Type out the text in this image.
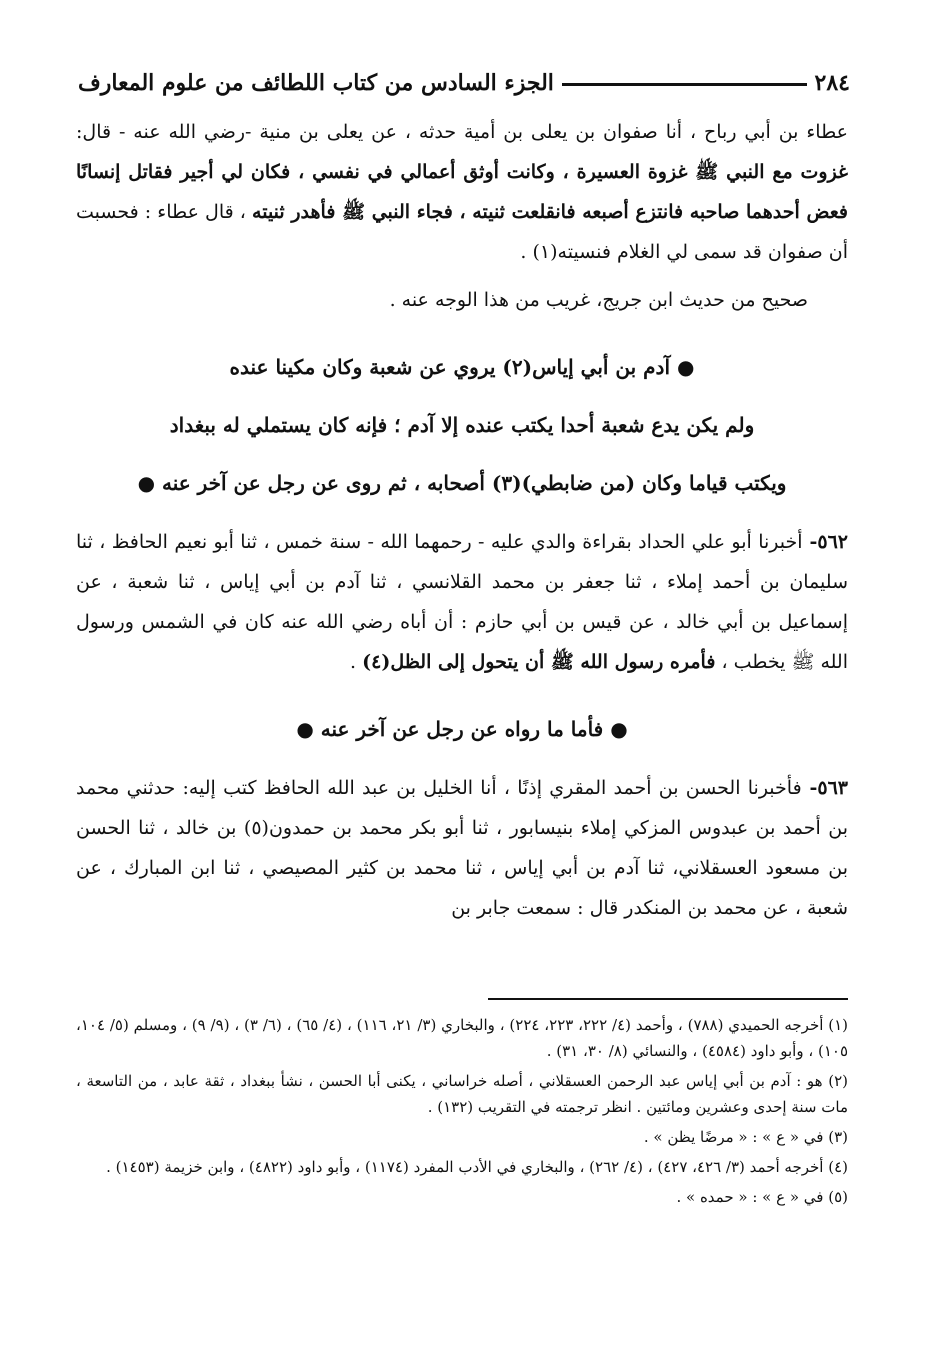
٢٨٤
الجزء السادس من كتاب اللطائف من علوم المعارف

عطاء بن أبي رباح ، أنا صفوان بن يعلى بن أمية حدثه ، عن يعلى بن منية -رضي الله عنه - قال: غزوت مع النبي ﷺ غزوة العسيرة ، وكانت أوثق أعمالي في نفسي ، فكان لي أجير فقاتل إنسانًا فعض أحدهما صاحبه فانتزع أصبعه فانقلعت ثنيته ، فجاء النبي ﷺ فأهدر ثنيته ، قال عطاء : فحسبت أن صفوان قد سمى لي الغلام فنسيته(١) .

صحيح من حديث ابن جريج، غريب من هذا الوجه عنه .

● آدم بن أبي إياس(٢) يروي عن شعبة وكان مكينا عنده

ولم يكن يدع شعبة أحدا يكتب عنده إلا آدم ؛ فإنه كان يستملي له ببغداد

ويكتب قياما وكان (من ضابطي)(٣) أصحابه ، ثم روى عن رجل عن آخر عنه ●

٥٦٢- أخبرنا أبو علي الحداد بقراءة والدي عليه - رحمهما الله - سنة خمس ، ثنا أبو نعيم الحافظ ، ثنا سليمان بن أحمد إملاء ، ثنا جعفر بن محمد القلانسي ، ثنا آدم بن أبي إياس ، ثنا شعبة ، عن إسماعيل بن أبي خالد ، عن قيس بن أبي حازم : أن أباه رضي الله عنه كان في الشمس ورسول الله ﷺ يخطب ، فأمره رسول الله ﷺ أن يتحول إلى الظل(٤) .

● فأما ما رواه عن رجل عن آخر عنه ●

٥٦٣- فأخبرنا الحسن بن أحمد المقري إذنًا ، أنا الخليل بن عبد الله الحافظ كتب إليه: حدثني محمد بن أحمد بن عبدوس المزكي إملاء بنيسابور ، ثنا أبو بكر محمد بن حمدون(٥) بن خالد ، ثنا الحسن بن مسعود العسقلاني، ثنا آدم بن أبي إياس ، ثنا محمد بن كثير المصيصي ، ثنا ابن المبارك ، عن شعبة ، عن محمد بن المنكدر قال : سمعت جابر بن

(١) أخرجه الحميدي (٧٨٨) ، وأحمد (٤/ ٢٢٢، ٢٢٣، ٢٢٤) ، والبخاري (٣/ ٢١، ١١٦) ، (٤/ ٦٥) ، (٦/ ٣) ، (٩/ ٩) ، ومسلم (٥/ ١٠٤، ١٠٥) ، وأبو داود (٤٥٨٤) ، والنسائي (٨/ ٣٠، ٣١) .

(٢) هو : آدم بن أبي إياس عبد الرحمن العسقلاني ، أصله خراساني ، يكنى أبا الحسن ، نشأ ببغداد ، ثقة عابد ، من التاسعة ، مات سنة إحدى وعشرين ومائتين . انظر ترجمته في التقريب (١٣٢) .

(٣) في « ع » : « مرضًا يظن » .

(٤) أخرجه أحمد (٣/ ٤٢٦، ٤٢٧) ، (٤/ ٢٦٢) ، والبخاري في الأدب المفرد (١١٧٤) ، وأبو داود (٤٨٢٢) ، وابن خزيمة (١٤٥٣) .

(٥) في « ع » : « حمده » .
